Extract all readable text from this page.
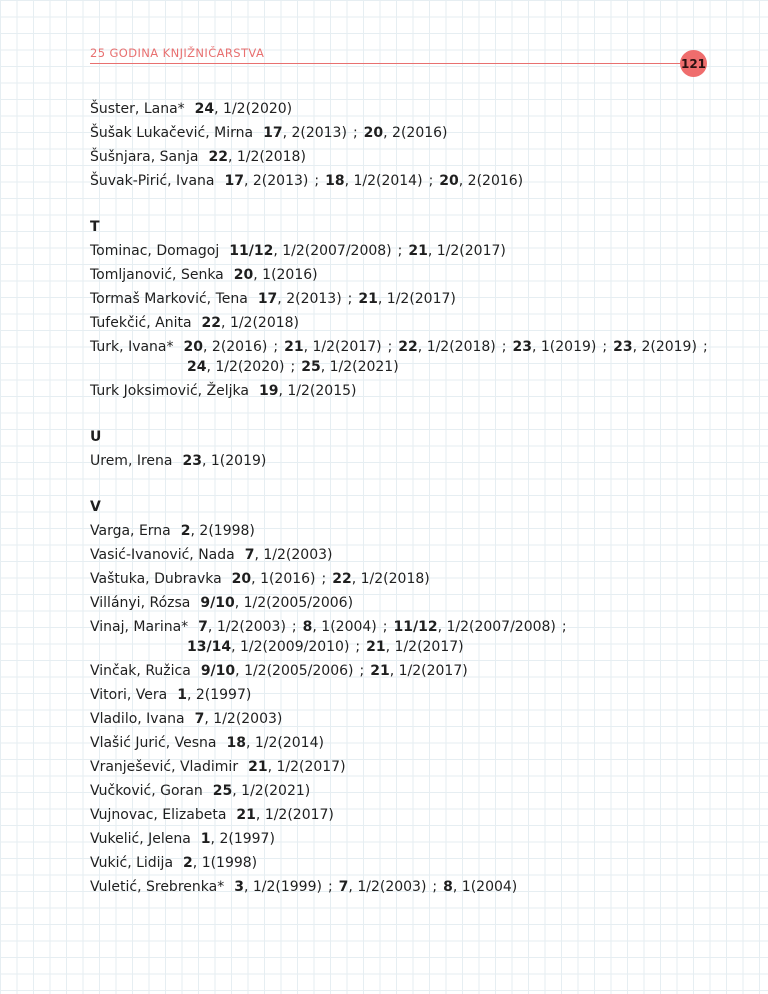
25 GODINA KNJIŽNIČARSTVA
121
Šuster, Lana* 24, 1/2(2020)
Šušak Lukačević, Mirna 17, 2(2013) ; 20, 2(2016)
Šušnjara, Sanja 22, 1/2(2018)
Šuvak-Pirić, Ivana 17, 2(2013) ; 18, 1/2(2014) ; 20, 2(2016)
T
Tominac, Domagoj 11/12, 1/2(2007/2008) ; 21, 1/2(2017)
Tomljanović, Senka 20, 1(2016)
Tormaš Marković, Tena 17, 2(2013) ; 21, 1/2(2017)
Tufekčić, Anita 22, 1/2(2018)
Turk, Ivana* 20, 2(2016) ; 21, 1/2(2017) ; 22, 1/2(2018) ; 23, 1(2019) ; 23, 2(2019) ;
24, 1/2(2020) ; 25, 1/2(2021)
Turk Joksimović, Željka 19, 1/2(2015)
U
Urem, Irena 23, 1(2019)
V
Varga, Erna 2, 2(1998)
Vasić-Ivanović, Nada 7, 1/2(2003)
Vaštuka, Dubravka 20, 1(2016) ; 22, 1/2(2018)
Villányi, Rózsa 9/10, 1/2(2005/2006)
Vinaj, Marina* 7, 1/2(2003) ; 8, 1(2004) ; 11/12, 1/2(2007/2008) ;
13/14, 1/2(2009/2010) ; 21, 1/2(2017)
Vinčak, Ružica 9/10, 1/2(2005/2006) ; 21, 1/2(2017)
Vitori, Vera 1, 2(1997)
Vladilo, Ivana 7, 1/2(2003)
Vlašić Jurić, Vesna 18, 1/2(2014)
Vranješević, Vladimir 21, 1/2(2017)
Vučković, Goran 25, 1/2(2021)
Vujnovac, Elizabeta 21, 1/2(2017)
Vukelić, Jelena 1, 2(1997)
Vukić, Lidija 2, 1(1998)
Vuletić, Srebrenka* 3, 1/2(1999) ; 7, 1/2(2003) ; 8, 1(2004)
